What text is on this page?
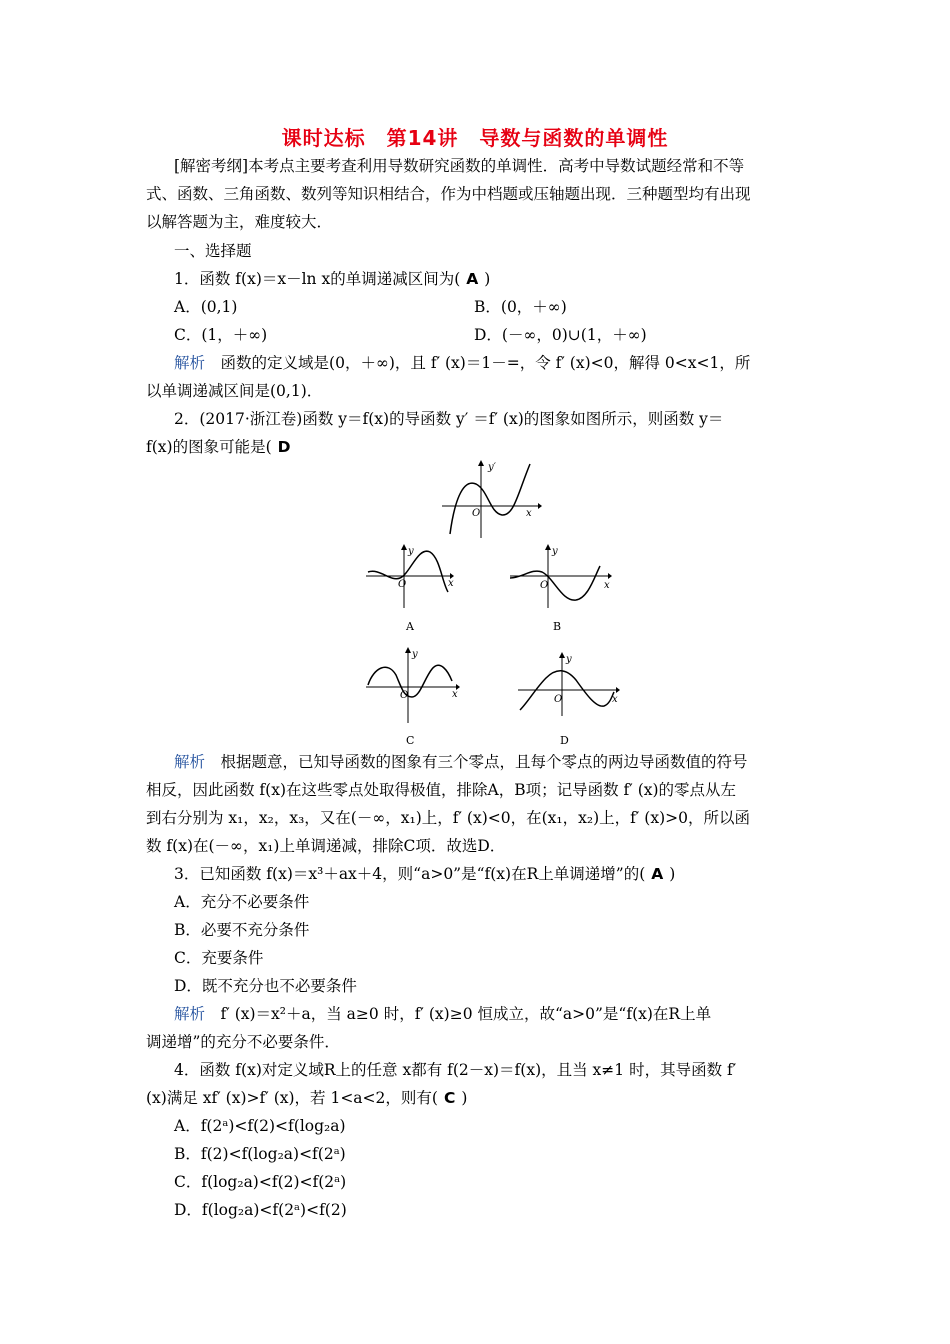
课时达标　第14讲　导数与函数的单调性
[解密考纲]本考点主要考查利用导数研究函数的单调性．高考中导数试题经常和不等
式、函数、三角函数、数列等知识相结合，作为中档题或压轴题出现．三种题型均有出现
以解答题为主，难度较大．
一、选择题
1．函数 f(x)＝x－ln x的单调递减区间为( A )
A．(0,1)	B．(0，＋∞)
C．(1，＋∞)	D．(－∞，0)∪(1，＋∞)
解析　 函数的定义域是(0，＋∞)，且 f′ (x)＝1－=，令 f′ (x)<0，解得 0<x<1，所
以单调递减区间是(0,1)．
2．(2017·浙江卷)函数 y＝f(x)的导函数 y′ ＝f′ (x)的图象如图所示，则函数 y＝
f(x)的图象可能是( D
y′
x
O
y
x
O
A
y
x
O
B
y
x
O
C
y
x
O
D
解析　 根据题意，已知导函数的图象有三个零点，且每个零点的两边导函数值的符号
相反，因此函数 f(x)在这些零点处取得极值，排除A，B项；记导函数 f′ (x)的零点从左
到右分别为 x₁，x₂，x₃，又在(－∞，x₁)上，f′ (x)<0，在(x₁，x₂)上，f′ (x)>0，所以函
数 f(x)在(－∞，x₁)上单调递减，排除C项．故选D．
3．已知函数 f(x)＝x³＋ax＋4，则“a>0”是“f(x)在R上单调递增”的( A )
A．充分不必要条件
B．必要不充分条件
C．充要条件
D．既不充分也不必要条件
解析　 f′ (x)＝x²＋a，当 a≥0 时，f′ (x)≥0 恒成立，故“a>0”是“f(x)在R上单
调递增”的充分不必要条件．
4．函数 f(x)对定义域R上的任意 x都有 f(2－x)＝f(x)，且当 x≠1 时，其导函数 f′
(x)满足 xf′ (x)>f′ (x)，若 1<a<2，则有( C )
A．f(2ᵃ)<f(2)<f(log₂a)
B．f(2)<f(log₂a)<f(2ᵃ)
C．f(log₂a)<f(2)<f(2ᵃ)
D．f(log₂a)<f(2ᵃ)<f(2)
